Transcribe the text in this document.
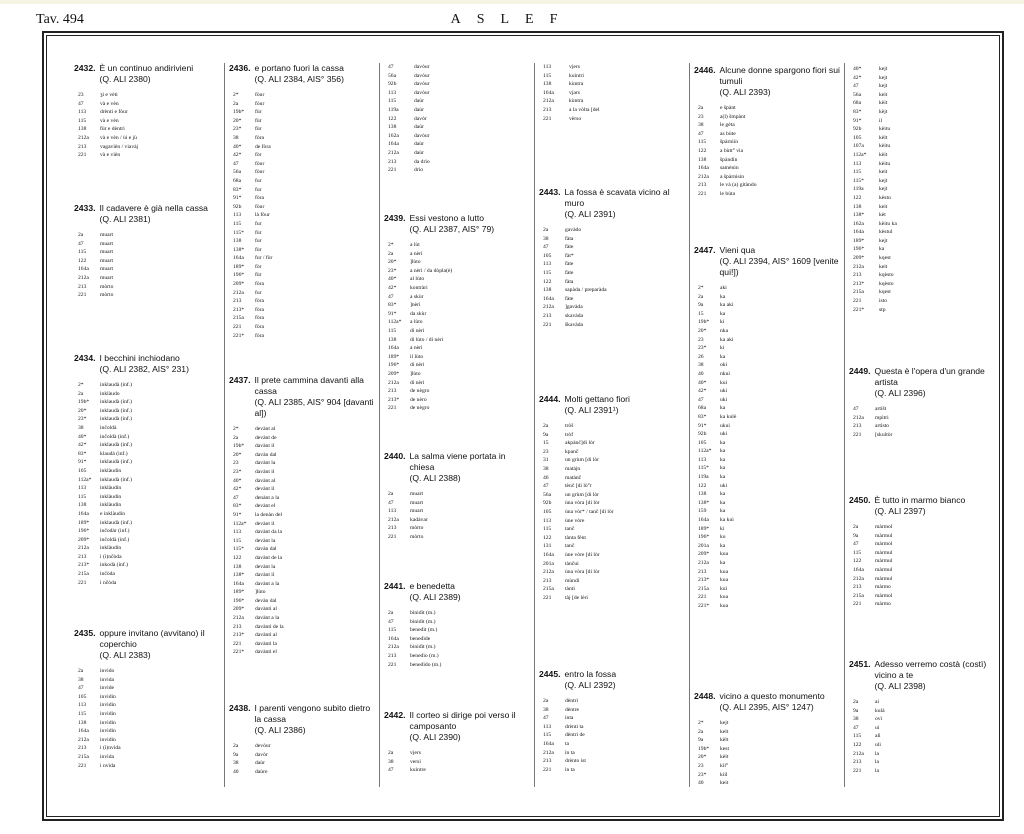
Tav. 494	ASLEF
2432. È un continuo andirivieni
(Q. ALI 2380)
23	ʒi e vèti
47	và e vèn
113	drènti e fòur
115	và e vèn
138	fùr e dèntri
212a	và e vèn / ùi e jù
213	vagavièn / viavàj
221	và e vièn
2433. Il cadavere è già nella cassa
(Q. ALI 2381)
2a	muart
47	muart
115	muart
122	muart
164a	muart
212a	muart
213	mòrto
221	mòrto
2434. I becchini inchiodano
(Q. ALI 2382, AIS° 231)
2*	inklaudà (inf.)
2a	inklàudo
19b*	inklaudà (inf.)
20*	inklaudà (inf.)
23*	inklaudà (inf.)
38	inčoldà
40*	inčoldà (inf.)
42*	inklaudà (inf.)
83*	klaudà (inf.)
91*	inklaudà (inf.)
105	inklàudin
112a*	inklaudà (inf.)
113	inklàudin
115	inklàudin
138	inklàudin
164a	e inklàudin
189*	inklaudà (inf.)
196*	inčodàr (inf.)
209*	inčoldà (inf.)
212a	inklàudin
213	i (i)nčòda
213*	inkodà (inf.)
215a	inčòda
221	i nčòda
2435. oppure invitano (avvitano) il coperchio
(Q. ALI 2383)
2a	invido
38	invìda
47	invìde
105	invìdin
113	invìdin
115	invìdin
138	invìdin
164a	invìdin
212a	invìdin
213	i (i)nvìda
215a	invìda
221	i nvìda
2436. e portano fuori la cassa
(Q. ALI 2384, AIS° 356)
2*	fòur
2a	fòur
19b*	fùr
20*	fùr
23*	fùr
38	fòra
40*	de fòra
42*	fòr
47	fòur
56a	fòur
68a	fur
83*	fur
91*	fòra
92b	fòur
113	là fòur
115	fur
115*	fùr
138	fur
138*	fùr
164a	fur / fùr
189*	fòr
196*	fùr
209*	fòra
212a	fur
213	fòra
213*	fòra
215a	fòra
221	fòra
221*	fòra
2437. Il prete cammina davanti alla cassa
(Q. ALI 2385, AIS° 904 [davanti al])
2*	devànt al
2a	devànt de
19b*	davànt il
20*	davàn dal
23	davànt la
23*	davànt il
40*	davànt al
42*	devànt il
47	denànt a la
83*	devànt el
91*	la denàn del
112a*	devànt il
113	davànt da la
115	devànt la
115*	davàn dal
122	davànt de la
138	devànt la
138*	davànt il
164a	davànt a la
189*	]lùto
196*	devàn dal
209*	davànti al
212a	davànt a la
213	davànti de la
213*	davànti al
221	davànti la
221*	davànti el
2438. I parenti vengono subito dietro la cassa
(Q. ALI 2386)
2a	devòur
9a	davòr
38	daùr
40	daùre
47	davòur
56a	davòur
92b	davòur
113	davòur
115	daùr
119a	daùr
122	davòr
138	daùr
162a	davòur
164a	daùr
212a	daùr
213	da drìo
221	drìo
2439. Essi vestono a lutto
(Q. ALI 2387, AIS° 79)
2*	a lùt
2a	a nèri
20*	]lùto
23*	a nèri / da dòpla(è)
40*	al lùto
42*	kontràri
47	a skùr
83*	]nèri
91*	da skùr
112a*	a lùto
115	di nèri
138	di lùto / di nèri
164a	a nèri
189*	il lùto
196*	di nèri
209*	]lùto
212a	di nèri
213	de nègro
213*	de nèro
221	de nègro
2440. La salma viene portata in chiesa
(Q. ALI 2388)
2a	muart
47	muart
113	muart
212a	kadàvar
213	mòrto
221	mòrto
2441. e benedetta
(Q. ALI 2389)
2a	binidìt (m.)
47	binidìt (m.)
115	benedìt (m.)
164a	benedìde
212a	binidìt (m.)
213	benedìo (m.)
221	benedìdo (m.)
2442. Il corteo si dirige poi verso il camposanto
(Q. ALI 2390)
2a	vjers
38	versi
47	kuintre
113	vjers
115	kuìntri
138	kùntra
164a	vjars
212a	kùntra
213	a la vòlta [del
221	vèrso
2443. La fossa è scavata vicino al muro
(Q. ALI 2391)
2a	gavàdo
38	fàta
47	fàte
105	fàt*
113	fàte
115	fàte
122	fàta
138	sapàda / preparàda
164a	fàte
212a	]gavàda
213	skavàda
221	škavàda
2444. Molti gettano fiori
(Q. ALI 2391¹)
2a	tròš
9a	tròf
15	akpànč]di lòr
23	kpanč
31	un grùm [di lòr
38	matàjn
46	matànč
47	tènč [di lò°r
56a	un grùm [di lòr
92b	ùna vòra [di lòr
105	ùna vòr* / tanč [di lòr
113	ùne vòre
115	tanč
122	tànta fènt
131	tanč
164a	ùne vòre [di lòr
201a	tànčui
212a	ùna vòra [di lòr
213	mùndi
215a	tànti
221	tàj [de lèri
2445. entro la fossa
(Q. ALI 2392)
2a	dèntri
38	dèntre
47	inta
113	drènti ta
115	dèntri de
164a	ta
212a	in ta
213	drènto ist
221	in ta
2446. Alcune donne spargono fiori sui tumuli
(Q. ALI 2393)
2a	e špànt
23	a(l) šmpànt
38	le gèta
47	as bùte
115	špàrniin
122	a bùtt° via
138	špàndin
164a	samènin
212a	a špàrnisin
213	le và (a) gitàndo
221	le bùta
2447. Vieni qua
(Q. ALI 2394, AIS° 1609 [venite qui!])
2*	aki
2a	ka
9a	ka aki
15	ka
19b*	ki
20*	nka
23	ka aki
23*	ki
26	ka
38	oki
40	nkui
40*	kui
42*	uki
47	uki
68a	ka
83*	ka kulè
91*	ukui
92b	uki
105	ka
112a*	ka
113	ka
115*	ka
119a	ka
122	uki
138	ka
138*	ka
159	ka
164a	ka kuì
189*	ki
196*	ku
201a	ka
209*	kua
212a	ka
213	kua
213*	kua
215a	kuì
221	kua
221*	kua
2448. vicino a questo monumento
(Q. ALI 2395, AIS° 1247)
2*	kejt
2a	kelt
9a	kèlt
19b*	kest
20*	kèlt
23	kìl°
23*	kiil
40	keit
40*	kejt
42*	kejt
47	kejt
56a	keit
68a	kèit
83*	kèjt
91*	il
92b	kèitu
105	kèlt
107a	kèitu
112a*	kèit
113	kèitu
115	keit
115*	kejt
119a	kejt
122	kèstu
138	keit
138*	kèt
162a	kèitu ka
164a	kèstul
189*	kejt
196*	ka
209*	kqest
212a	keit
213	kqèsto
213*	kqèsto
215a	kqest
221	isto
221*	stp
2449. Questa è l'opera d'un grande artista
(Q. ALI 2396)
47	artìšt
212a	mpìtri
213	artìsto
221	[skultòr
2450. È tutto in marmo bianco
(Q. ALI 2397)
2a	màrmol
9a	màrmul
47	màrmol
115	màrmul
122	màrmul
164a	màrmul
212a	màrmul
213	màrmo
215a	màrmol
221	màrmo
2451. Adesso verremo costà (costì) vicino a te
(Q. ALI 2398)
2a	ai
9a	kulà
38	ovì
47	uì
115	alì
122	uli
212a	la
213	la
221	la
